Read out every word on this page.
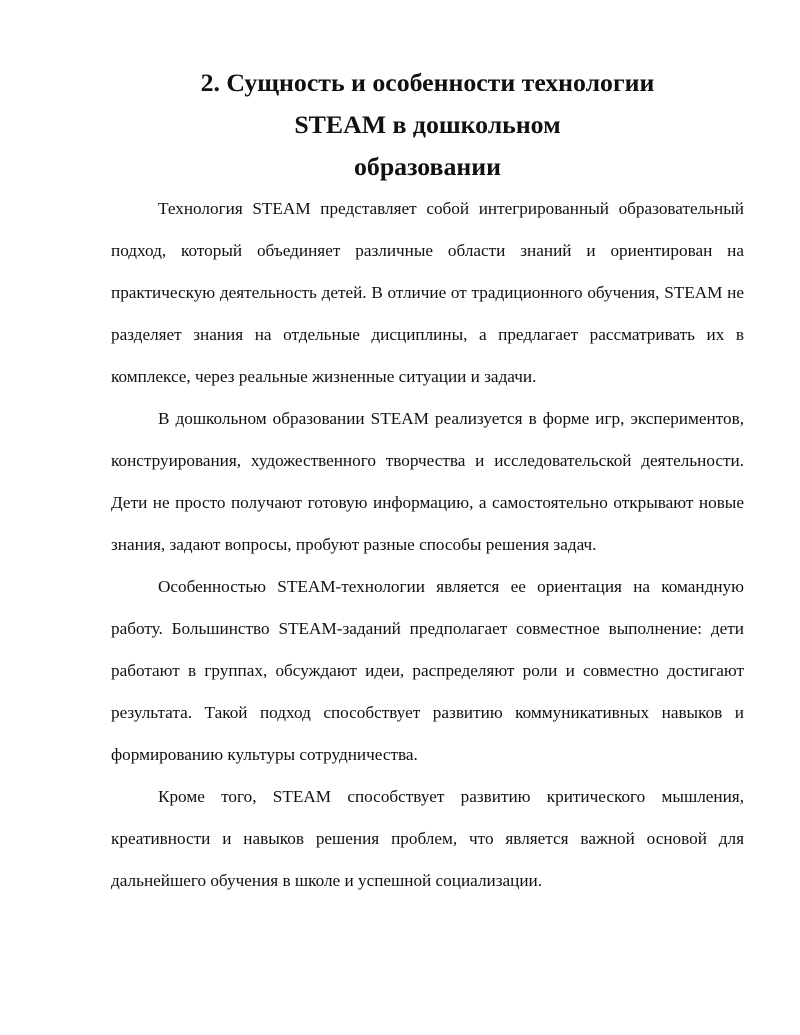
2. Сущность и особенности технологии STEAM в дошкольном
образовании

Технология STEAM представляет собой интегрированный образовательный подход, который объединяет различные области знаний и ориентирован на практическую деятельность детей. В отличие от традиционного обучения, STEAM не разделяет знания на отдельные дисциплины, а предлагает рассматривать их в комплексе, через реальные жизненные ситуации и задачи.

В дошкольном образовании STEAM реализуется в форме игр, экспериментов, конструирования, художественного творчества и исследовательской деятельности. Дети не просто получают готовую информацию, а самостоятельно открывают новые знания, задают вопросы, пробуют разные способы решения задач.

Особенностью STEAM-технологии является ее ориентация на командную работу. Большинство STEAM-заданий предполагает совместное выполнение: дети работают в группах, обсуждают идеи, распределяют роли и совместно достигают результата. Такой подход способствует развитию коммуникативных навыков и формированию культуры сотрудничества.

Кроме того, STEAM способствует развитию критического мышления, креативности и навыков решения проблем, что является важной основой для дальнейшего обучения в школе и успешной социализации.
